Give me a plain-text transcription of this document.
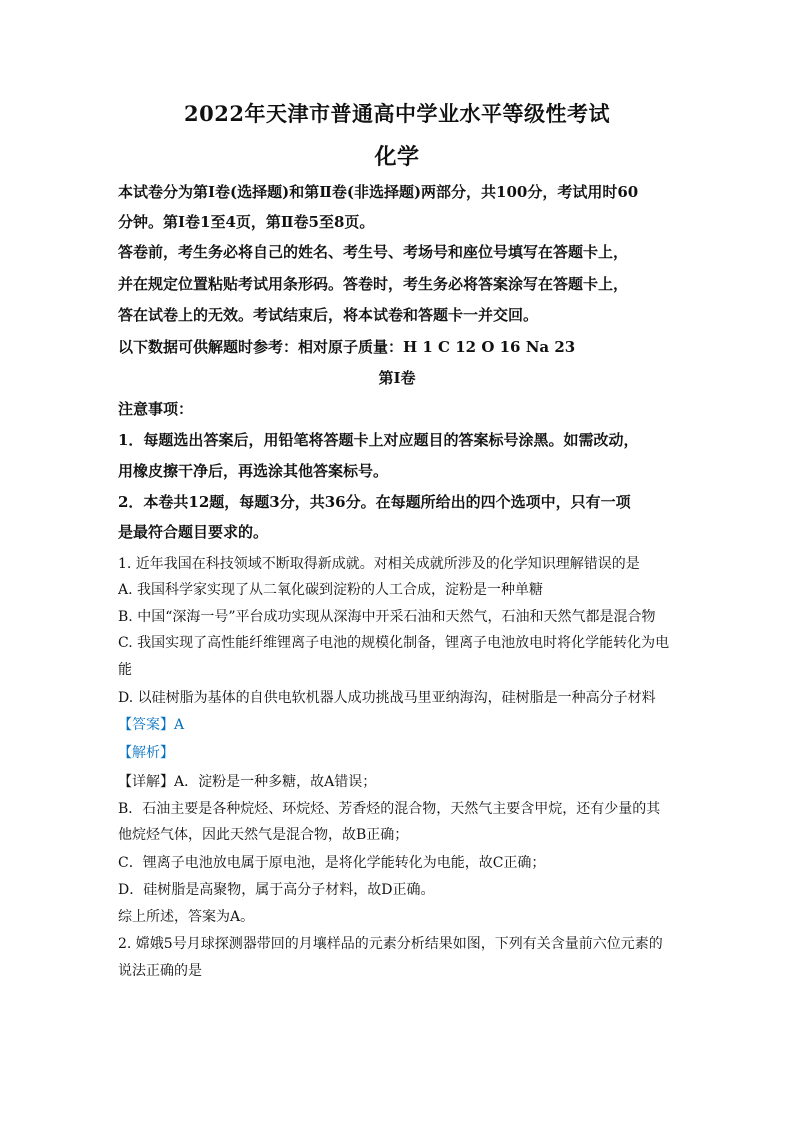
2022年天津市普通高中学业水平等级性考试
化学
本试卷分为第Ⅰ卷(选择题)和第Ⅱ卷(非选择题)两部分，共100分，考试用时60
分钟。第Ⅰ卷1至4页，第Ⅱ卷5至8页。
答卷前，考生务必将自己的姓名、考生号、考场号和座位号填写在答题卡上，
并在规定位置粘贴考试用条形码。答卷时，考生务必将答案涂写在答题卡上，
答在试卷上的无效。考试结束后，将本试卷和答题卡一并交回。
以下数据可供解题时参考：相对原子质量：H 1 C 12 O 16 Na 23
第Ⅰ卷
注意事项：
1．每题选出答案后，用铅笔将答题卡上对应题目的答案标号涂黑。如需改动，
用橡皮擦干净后，再选涂其他答案标号。
2．本卷共12题，每题3分，共36分。在每题所给出的四个选项中，只有一项
是最符合题目要求的。
1. 近年我国在科技领域不断取得新成就。对相关成就所涉及的化学知识理解错误的是
A. 我国科学家实现了从二氧化碳到淀粉的人工合成，淀粉是一种单糖
B. 中国“深海一号”平台成功实现从深海中开采石油和天然气，石油和天然气都是混合物
C. 我国实现了高性能纤维锂离子电池的规模化制备，锂离子电池放电时将化学能转化为电
能
D. 以硅树脂为基体的自供电软机器人成功挑战马里亚纳海沟，硅树脂是一种高分子材料
【答案】A
【解析】
【详解】A．淀粉是一种多糖，故A错误；
B．石油主要是各种烷烃、环烷烃、芳香烃的混合物，天然气主要含甲烷，还有少量的其
他烷烃气体，因此天然气是混合物，故B正确；
C．锂离子电池放电属于原电池，是将化学能转化为电能，故C正确；
D．硅树脂是高聚物，属于高分子材料，故D正确。
综上所述，答案为A。
2. 嫦娥5号月球探测器带回的月壤样品的元素分析结果如图，下列有关含量前六位元素的
说法正确的是
